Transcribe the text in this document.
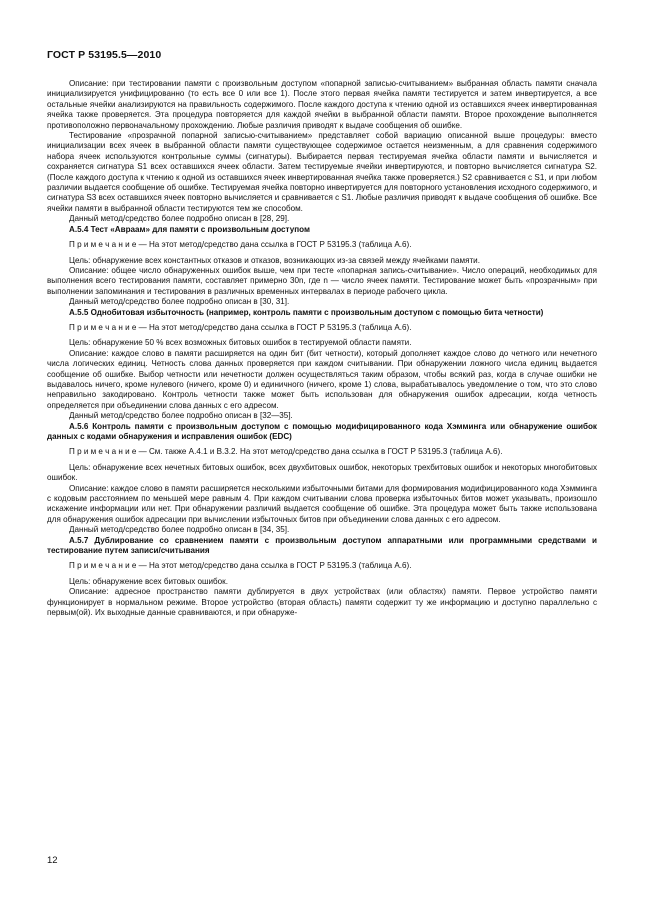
ГОСТ Р 53195.5—2010

Описание: при тестировании памяти с произвольным доступом «попарной записью-считыванием» выбранная область памяти сначала инициализируется унифицированно (то есть все 0 или все 1). После этого первая ячейка памяти тестируется и затем инвертируется, а все остальные ячейки анализируются на правильность содержимого. После каждого доступа к чтению одной из оставшихся ячеек инвертированная ячейка также проверяется. Эта процедура повторяется для каждой ячейки в выбранной области памяти. Второе прохождение выполняется противоположно первоначальному прохождению. Любые различия приводят к выдаче сообщения об ошибке.

Тестирование «прозрачной попарной записью-считыванием» представляет собой вариацию описанной выше процедуры: вместо инициализации всех ячеек в выбранной области памяти существующее содержимое остается неизменным, а для сравнения содержимого набора ячеек используются контрольные суммы (сигнатуры). Выбирается первая тестируемая ячейка области памяти и вычисляется и сохраняется сигнатура S1 всех оставшихся ячеек области. Затем тестируемые ячейки инвертируются, и повторно вычисляется сигнатура S2. (После каждого доступа к чтению к одной из оставшихся ячеек инвертированная ячейка также проверяется.) S2 сравнивается с S1, и при любом различии выдается сообщение об ошибке. Тестируемая ячейка повторно инвертируется для повторного установления исходного содержимого, и сигнатура S3 всех оставшихся ячеек повторно вычисляется и сравнивается с S1. Любые различия приводят к выдаче сообщения об ошибке. Все ячейки памяти в выбранной области тестируются тем же способом.

Данный метод/средство более подробно описан в [28, 29].

А.5.4 Тест «Авраам» для памяти с произвольным доступом

П р и м е ч а н и е — На этот метод/средство дана ссылка в ГОСТ Р 53195.3 (таблица А.6).

Цель: обнаружение всех константных отказов и отказов, возникающих из-за связей между ячейками памяти.

Описание: общее число обнаруженных ошибок выше, чем при тесте «попарная запись-считывание». Число операций, необходимых для выполнения всего тестирования памяти, составляет примерно 30n, где n — число ячеек памяти. Тестирование может быть «прозрачным» при выполнении запоминания и тестирования в различных временных интервалах в периоде рабочего цикла.

Данный метод/средство более подробно описан в [30, 31].

А.5.5 Однобитовая избыточность (например, контроль памяти с произвольным доступом с помощью бита четности)

П р и м е ч а н и е — На этот метод/средство дана ссылка в ГОСТ Р 53195.3 (таблица А.6).

Цель: обнаружение 50 % всех возможных битовых ошибок в тестируемой области памяти.

Описание: каждое слово в памяти расширяется на один бит (бит четности), который дополняет каждое слово до четного или нечетного числа логических единиц. Четность слова данных проверяется при каждом считывании. При обнаружении ложного числа единиц выдается сообщение об ошибке. Выбор четности или нечетности должен осуществляться таким образом, чтобы всякий раз, когда в случае ошибки не выдавалось ничего, кроме нулевого (ничего, кроме 0) и единичного (ничего, кроме 1) слова, вырабатывалось уведомление о том, что это слово неправильно закодировано. Контроль четности также может быть использован для обнаружения ошибок адресации, когда четность определяется при объединении слова данных с его адресом.

Данный метод/средство более подробно описан в [32—35].

А.5.6 Контроль памяти с произвольным доступом с помощью модифицированного кода Хэмминга или обнаружение ошибок данных с кодами обнаружения и исправления ошибок (EDC)

П р и м е ч а н и е — См. также А.4.1 и В.3.2. На этот метод/средство дана ссылка в ГОСТ Р 53195.3 (таблица А.6).

Цель: обнаружение всех нечетных битовых ошибок, всех двухбитовых ошибок, некоторых трехбитовых ошибок и некоторых многобитовых ошибок.

Описание: каждое слово в памяти расширяется несколькими избыточными битами для формирования модифицированного кода Хэмминга с кодовым расстоянием по меньшей мере равным 4. При каждом считывании слова проверка избыточных битов может указывать, произошло искажение информации или нет. При обнаружении различий выдается сообщение об ошибке. Эта процедура может быть также использована для обнаружения ошибок адресации при вычислении избыточных битов при объединении слова данных с его адресом.

Данный метод/средство более подробно описан в [34, 35].

А.5.7 Дублирование со сравнением памяти с произвольным доступом аппаратными или программными средствами и тестирование путем записи/считывания

П р и м е ч а н и е — На этот метод/средство дана ссылка в ГОСТ Р 53195.3 (таблица А.6).

Цель: обнаружение всех битовых ошибок.

Описание: адресное пространство памяти дублируется в двух устройствах (или областях) памяти. Первое устройство памяти функционирует в нормальном режиме. Второе устройство (вторая область) памяти содержит ту же информацию и доступно параллельно с первым(ой). Их выходные данные сравниваются, и при обнаруже-

12
